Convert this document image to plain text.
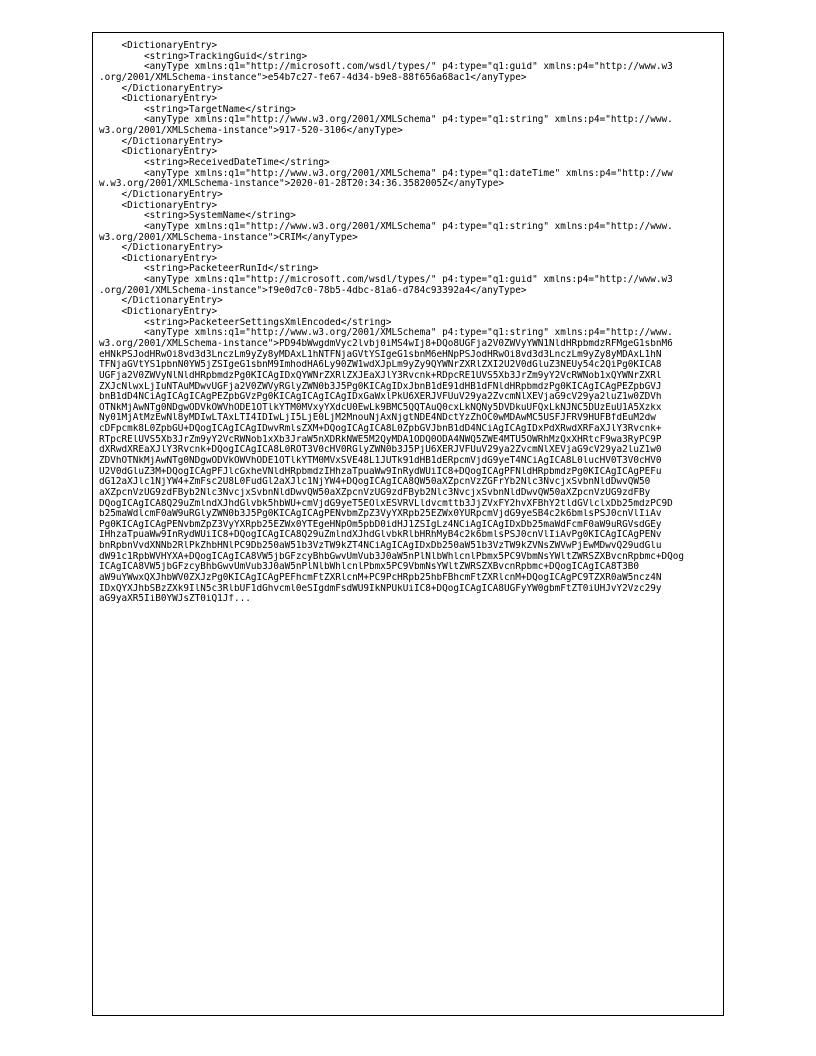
<DictionaryEntry>
<string>TrackingGuid</string>
<anyType xmlns:q1="http://microsoft.com/wsdl/types/" p4:type="q1:guid" xmlns:p4="http://www.w3
.org/2001/XMLSchema-instance">e54b7c27-fe67-4d34-b9e8-88f656a68ac1</anyType>
</DictionaryEntry>
<DictionaryEntry>
<string>TargetName</string>
<anyType xmlns:q1="http://www.w3.org/2001/XMLSchema" p4:type="q1:string" xmlns:p4="http://www.
w3.org/2001/XMLSchema-instance">917-520-3106</anyType>
</DictionaryEntry>
<DictionaryEntry>
<string>ReceivedDateTime</string>
<anyType xmlns:q1="http://www.w3.org/2001/XMLSchema" p4:type="q1:dateTime" xmlns:p4="http://ww
w.w3.org/2001/XMLSchema-instance">2020-01-28T20:34:36.3582005Z</anyType>
</DictionaryEntry>
<DictionaryEntry>
<string>SystemName</string>
<anyType xmlns:q1="http://www.w3.org/2001/XMLSchema" p4:type="q1:string" xmlns:p4="http://www.
w3.org/2001/XMLSchema-instance">CRIM</anyType>
</DictionaryEntry>
<DictionaryEntry>
<string>PacketeerRunId</string>
<anyType xmlns:q1="http://microsoft.com/wsdl/types/" p4:type="q1:guid" xmlns:p4="http://www.w3
.org/2001/XMLSchema-instance">f9e0d7c0-78b5-4dbc-81a6-d784c93392a4</anyType>
</DictionaryEntry>
<DictionaryEntry>
<string>PacketeerSettingsXmlEncoded</string>
<anyType xmlns:q1="http://www.w3.org/2001/XMLSchema" p4:type="q1:string" xmlns:p4="http://www.
w3.org/2001/XMLSchema-instance">PD94bWwgdmVyc2lvbj0iMS4wIj8+DQo8UGFja2V0ZWVyYWN1NldHRpbmdzRFMgeG1sbnM6
eHNkPSJodHRwOi8vd3d3LnczLm9yZy8yMDAxL1hNTFNjaGVtYSIgeG1sbnM6eHNpPSJodHRwOi8vd3d3LnczLm9yZy8yMDAxL1hN
TFNjaGVtYS1pbnN0YW5jZSIgeG1sbnM9ImhodHA6Ly90ZW1wdXJpLm9yZy9QYWNrZXRlZXI2U2V0dGluZ3NEUy54c2QiPg0KICA8
UGFja2V0ZWVyNlNldHRpbmdzPg0KICAgIDxQYWNrZXRlZXJEaXJlY3Rvcnk+RDpcRE1UVS5Xb3JrZm9yY2VcRWNob1xQYWNrZXRl
ZXJcNlwxLjIuNTAuMDwvUGFja2V0ZWVyRGlyZWN0b3J5Pg0KICAgIDxJbnB1dE91dHB1dFNldHRpbmdzPg0KICAgICAgPEZpbGVJ
bnB1dD4NCiAgICAgICAgPEZpbGVzPg0KICAgICAgICAgIDxGaWxlPkU6XERJVFUuV29ya2ZvcmNlXEVjaG9cV29ya2luZ1w0ZDVh
OTNkMjAwNTg0NDgwODVkOWVhODE1OTlkYTM0MVxyYXdcU0EwLk9BMC5QQTAuQ0cxLkNQNy5DVDkuUFQxLkNJNC5DUzEuU1A5Xzkx
Ny01MjAtMzEwNl8yMDIwLTAxLTI4IDIwLjI5LjE0LjM2MnouNjAxNjgtNDE4NDctYzZhOC0wMDAwMC5USFJFRV9HUFBfdEuM2dw
cDFpcmk8L0ZpbGU+DQogICAgICAgIDwvRmlsZXM+DQogICAgICA8L0ZpbGVJbnB1dD4NCiAgICAgIDxPdXRwdXRFaXJlY3Rvcnk+
RTpcRElUVS5Xb3JrZm9yY2VcRWNob1xXb3JraW5nXDRkNWE5M2QyMDA1ODQ0ODA4NWQ5ZWE4MTU5OWRhMzQxXHRtcF9wa3RyPC9P
dXRwdXREaXJlY3Rvcnk+DQogICAgICA8L0ROT3V0cHV0RGlyZWN0b3J5PjU6XERJVFUuV29ya2ZvcmNlXEVjaG9cV29ya2luZ1w0
ZDVhOTNkMjAwNTg0NDgwODVkOWVhODE1OTlkYTM0MVxSVE48L1JUTk91dHB1dERpcmVjdG9yeT4NCiAgICA8L0lucHV0T3V0cHV0
U2V0dGluZ3M+DQogICAgPFJlcGxheVNldHRpbmdzIHhzaTpuaWw9InRydWUiIC8+DQogICAgPFNldHRpbmdzPg0KICAgICAgPEFu
dG12aXJlc1NjYW4+ZmFsc2U8L0FudGl2aXJlc1NjYW4+DQogICAgICA8QW50aXZpcnVzZGFrYb2Nlc3NvcjxSvbnNldDwvQW50
aXZpcnVzUG9zdFByb2Nlc3NvcjxSvbnNldDwvQW50aXZpcnVzUG9zdFByb2Nlc3NvcjxSvbnNldDwvQW50aXZpcnVzUG9zdFBy
DQogICAgICA8Q29uZmlndXJhdGlvbk5hbWU+cmVjdG9yeT5EOlxESVRVLldvcmttb3JjZVxFY2hvXFBhY2tldGVlclxDb25mdzPC9D
b25maWdlcmF0aW9uRGlyZWN0b3J5Pg0KICAgICAgPENvbmZpZ3VyYXRpb25EZWx0YURpcmVjdG9yeSB4c2k6bmlsPSJ0cnVlIiAv
Pg0KICAgICAgPENvbmZpZ3VyYXRpb25EZWx0YTEgeHNpOm5pbD0idHJ1ZSIgLz4NCiAgICAgIDxDb25maWdFcmF0aW9uRGVsdGEy
IHhzaTpuaWw9InRydWUiIC8+DQogICAgICA8Q29uZmlndXJhdGlvbkRlbHRhMyB4c2k6bmlsPSJ0cnVlIiAvPg0KICAgICAgPENv
bnRpbnVvdXNNb2RlPkZhbHNlPC9Db250aW51b3VzTW9kZT4NCiAgICAgIDxDb250aW51b3VzTW9kZVNsZWVwPjEwMDwvQ29udGlu
dW91c1RpbWVHYXA+DQogICAgICA8VW5jbGFzcyBhbGwvUmVub3J0aW5nPlNlbWhlcnlPbmx5PC9VbmNsYWltZWRSZXBvcnRpbmc+DQog
ICAgICA8VW5jbGFzcyBhbGwvUmVub3J0aW5nPlNlbWhlcnlPbmx5PC9VbmNsYWltZWRSZXBvcnRpbmc+DQogICAgICA8T3B0
aW9uYWwxQXJhbWV0ZXJzPg0KICAgICAgPEFhcmFtZXRlcnM+PC9PcHRpb25hbFBhcmFtZXRlcnM+DQogICAgPC9TZXR0aW5ncz4N
IDxQYXJhbSBzZXk9IlN5c3RlbUF1dGhvcml0eSIgdmFsdWU9IkNPUkUiIC8+DQogICAgICA8UGFyYW0gbmFtZT0iUHJvY2Vzc29y
aG9yaXR5IiB0YWJsZT0iQ1Jf...
